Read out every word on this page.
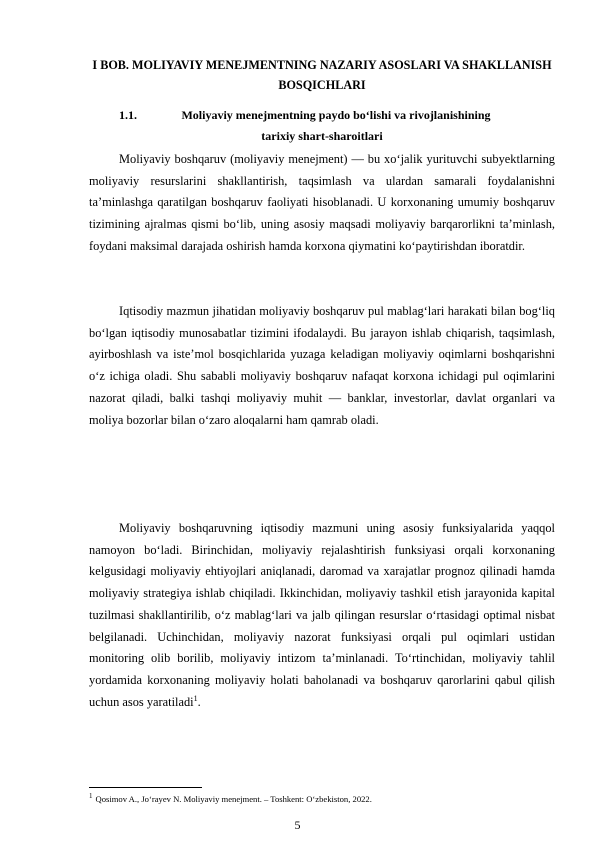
I BOB. MOLIYAVIY MENEJMENTNING NAZARIY ASOSLARI VA SHAKLLANISH BOSQICHLARI
1.1.	Moliyaviy menejmentning paydo bo‘lishi va rivojlanishining
tarixiy shart-sharoitlari

Moliyaviy boshqaruv (moliyaviy menejment) — bu xo‘jalik yurituvchi subyektlarning moliyaviy resurslarini shakllantirish, taqsimlash va ulardan samarali foydalanishni ta’minlashga qaratilgan boshqaruv faoliyati hisoblanadi. U korxonaning umumiy boshqaruv tizimining ajralmas qismi bo‘lib, uning asosiy maqsadi moliyaviy barqarorlikni ta’minlash, foydani maksimal darajada oshirish hamda korxona qiymatini ko‘paytirishdan iboratdir.

Iqtisodiy mazmun jihatidan moliyaviy boshqaruv pul mablag‘lari harakati bilan bog‘liq bo‘lgan iqtisodiy munosabatlar tizimini ifodalaydi. Bu jarayon ishlab chiqarish, taqsimlash, ayirboshlash va iste’mol bosqichlarida yuzaga keladigan moliyaviy oqimlarni boshqarishni o‘z ichiga oladi. Shu sababli moliyaviy boshqaruv nafaqat korxona ichidagi pul oqimlarini nazorat qiladi, balki tashqi moliyaviy muhit — banklar, investorlar, davlat organlari va moliya bozorlar bilan o‘zaro aloqalarni ham qamrab oladi.

Moliyaviy boshqaruvning iqtisodiy mazmuni uning asosiy funksiyalarida yaqqol namoyon bo‘ladi. Birinchidan, moliyaviy rejalashtirish funksiyasi orqali korxonaning kelgusidagi moliyaviy ehtiyojlari aniqlanadi, daromad va xarajatlar prognoz qilinadi hamda moliyaviy strategiya ishlab chiqiladi. Ikkinchidan, moliyaviy tashkil etish jarayonida kapital tuzilmasi shakllantirilib, o‘z mablag‘lari va jalb qilingan resurslar o‘rtasidagi optimal nisbat belgilanadi. Uchinchidan, moliyaviy nazorat funksiyasi orqali pul oqimlari ustidan monitoring olib borilib, moliyaviy intizom ta’minlanadi. To‘rtinchidan, moliyaviy tahlil yordamida korxonaning moliyaviy holati baholanadi va boshqaruv qarorlarini qabul qilish uchun asos yaratiladi$^1$.

$^1$ Qosimov A., Jo‘rayev N. Moliyaviy menejment. – Toshkent: O‘zbekiston, 2022.
5
